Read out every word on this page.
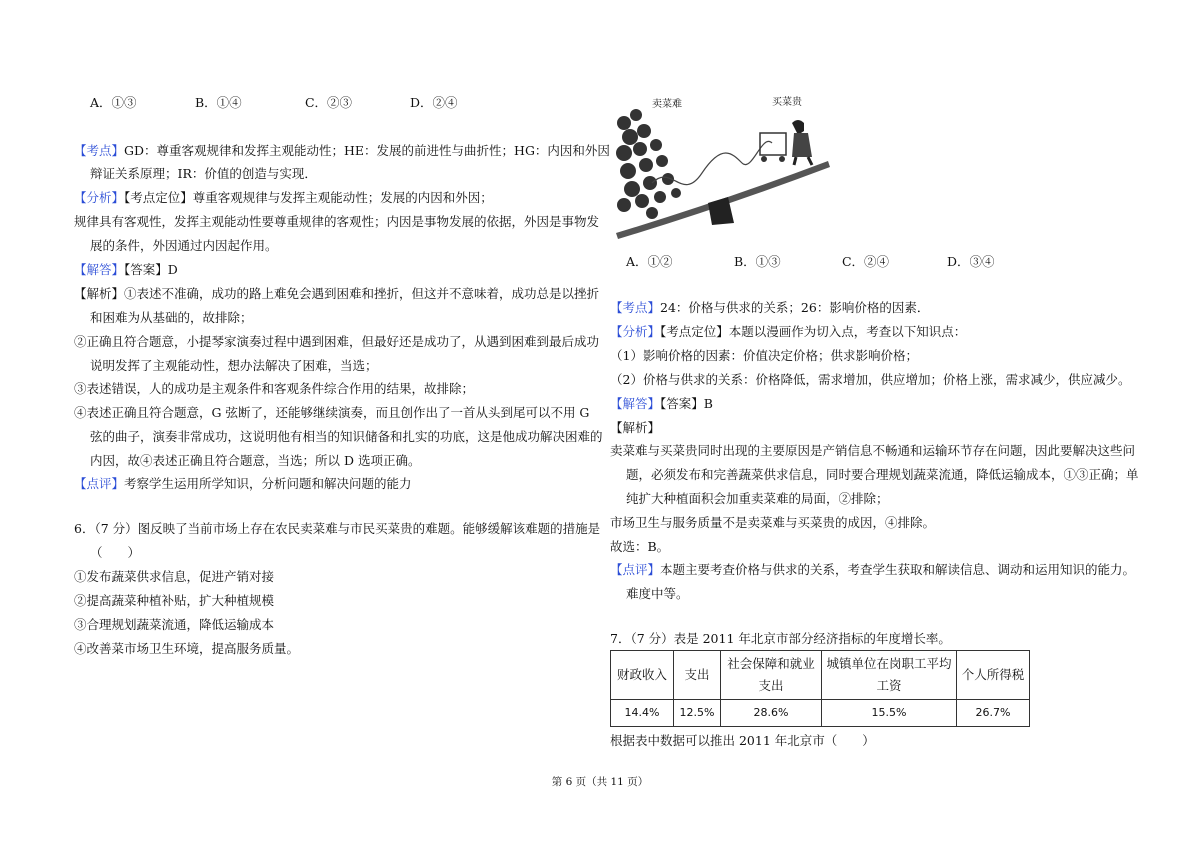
A．①③	B．①④	C．②③	D．②④
【考点】GD：尊重客观规律和发挥主观能动性；HE：发展的前进性与曲折性；HG：内因和外因
辩证关系原理；IR：价值的创造与实现．
【分析】【考点定位】尊重客观规律与发挥主观能动性；发展的内因和外因；
规律具有客观性，发挥主观能动性要尊重规律的客观性；内因是事物发展的依据，外因是事物发
展的条件，外因通过内因起作用。
【解答】【答案】D
【解析】①表述不准确，成功的路上难免会遇到困难和挫折，但这并不意味着，成功总是以挫折
和困难为从基础的，故排除；
②正确且符合题意，小提琴家演奏过程中遇到困难，但最好还是成功了，从遇到困难到最后成功
说明发挥了主观能动性，想办法解决了困难，当选；
③表述错误，人的成功是主观条件和客观条件综合作用的结果，故排除；
④表述正确且符合题意，G 弦断了，还能够继续演奏，而且创作出了一首从头到尾可以不用 G
弦的曲子，演奏非常成功，这说明他有相当的知识储备和扎实的功底，这是他成功解决困难的
内因，故④表述正确且符合题意，当选；所以 D 选项正确。
【点评】考察学生运用所学知识，分析问题和解决问题的能力
6．（7 分）图反映了当前市场上存在农民卖菜难与市民买菜贵的难题。能够缓解该难题的措施是
（　　）
①发布蔬菜供求信息，促进产销对接
②提高蔬菜种植补贴，扩大种植规模
③合理规划蔬菜流通，降低运输成本
④改善菜市场卫生环境，提高服务质量。
卖菜难	买菜贵
A．①②	B．①③	C．②④	D．③④
【考点】24：价格与供求的关系；26：影响价格的因素．
【分析】【考点定位】本题以漫画作为切入点，考查以下知识点：
（1）影响价格的因素：价值决定价格；供求影响价格；
（2）价格与供求的关系：价格降低，需求增加，供应增加；价格上涨，需求减少，供应减少。
【解答】【答案】B
【解析】
卖菜难与买菜贵同时出现的主要原因是产销信息不畅通和运输环节存在问题，因此要解决这些问
题，必须发布和完善蔬菜供求信息，同时要合理规划蔬菜流通，降低运输成本，①③正确；单
纯扩大种植面积会加重卖菜难的局面，②排除；
市场卫生与服务质量不是卖菜难与买菜贵的成因，④排除。
故选：B。
【点评】本题主要考查价格与供求的关系，考查学生获取和解读信息、调动和运用知识的能力。
难度中等。
7．（7 分）表是 2011 年北京市部分经济指标的年度增长率。
财政收入	支出	社会保障和就业支出	城镇单位在岗职工平均工资	个人所得税
14.4%	12.5%	28.6%	15.5%	26.7%
根据表中数据可以推出 2011 年北京市（　　）
第 6 页（共 11 页）
